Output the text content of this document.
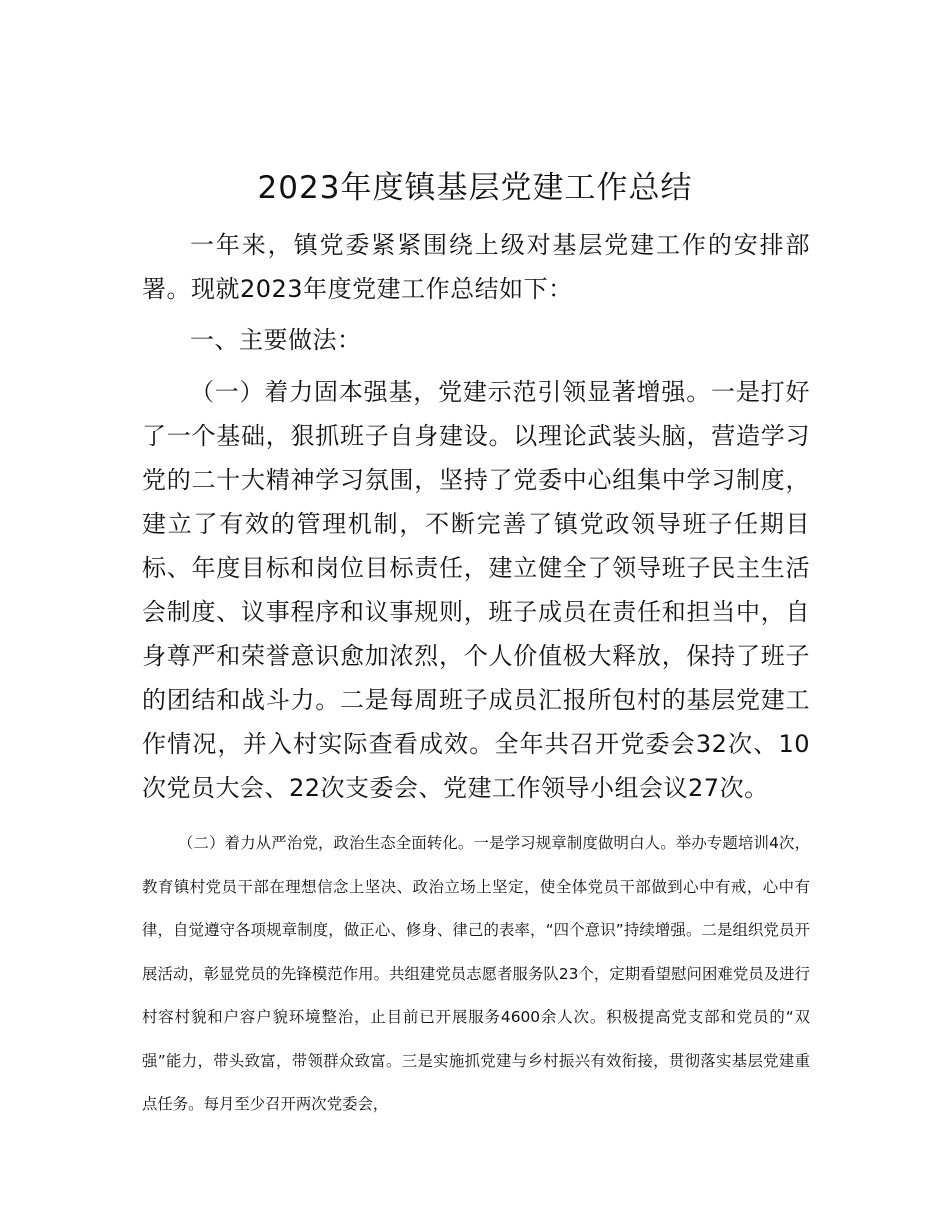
2023年度镇基层党建工作总结

一年来，镇党委紧紧围绕上级对基层党建工作的安排部署。现就2023年度党建工作总结如下：

一、主要做法：

（一）着力固本强基，党建示范引领显著增强。一是打好了一个基础，狠抓班子自身建设。以理论武装头脑，营造学习党的二十大精神学习氛围，坚持了党委中心组集中学习制度，建立了有效的管理机制，不断完善了镇党政领导班子任期目标、年度目标和岗位目标责任，建立健全了领导班子民主生活会制度、议事程序和议事规则，班子成员在责任和担当中，自身尊严和荣誉意识愈加浓烈，个人价值极大释放，保持了班子的团结和战斗力。二是每周班子成员汇报所包村的基层党建工作情况，并入村实际查看成效。全年共召开党委会32次、10次党员大会、22次支委会、党建工作领导小组会议27次。

（二）着力从严治党，政治生态全面转化。一是学习规章制度做明白人。举办专题培训4次，教育镇村党员干部在理想信念上坚决、政治立场上坚定，使全体党员干部做到心中有戒，心中有律，自觉遵守各项规章制度，做正心、修身、律己的表率，“四个意识”持续增强。二是组织党员开展活动，彰显党员的先锋模范作用。共组建党员志愿者服务队23个，定期看望慰问困难党员及进行村容村貌和户容户貌环境整治，止目前已开展服务4600余人次。积极提高党支部和党员的“双强”能力，带头致富，带领群众致富。三是实施抓党建与乡村振兴有效衔接，贯彻落实基层党建重点任务。每月至少召开两次党委会，
